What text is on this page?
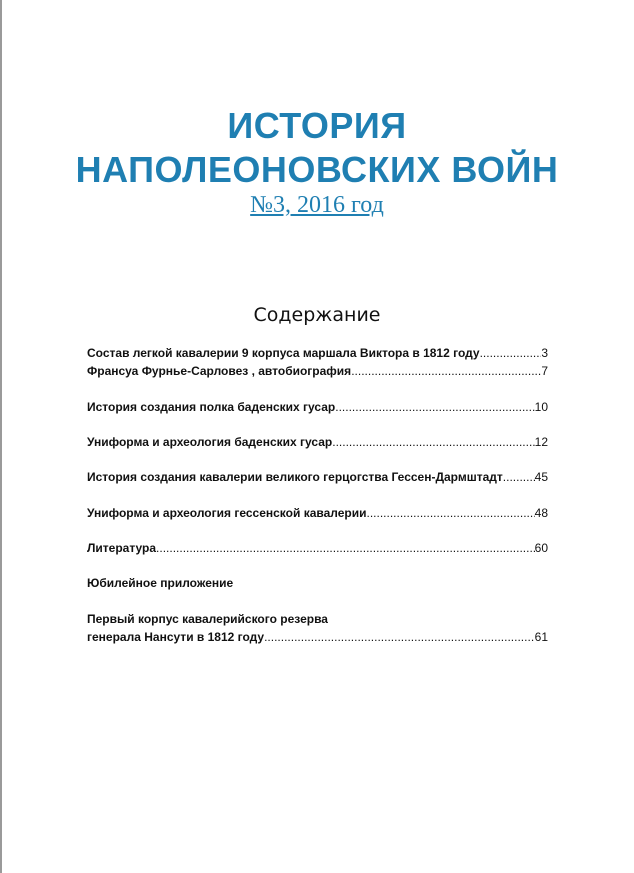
ИСТОРИЯ
НАПОЛЕОНОВСКИХ ВОЙН
№3, 2016 год
Содержание
Состав легкой кавалерии 9 корпуса маршала Виктора в 1812 году .....	3
Франсуа Фурнье-Сарловез , автобиография .....	7
История создания полка баденских гусар .....	10
Униформа и археология баденских гусар .....	12
История создания кавалерии великого герцогства Гессен-Дармштадт .....	45
Униформа и археология гессенской кавалерии .....	48
Литература .....	60
Юбилейное приложение
Первый корпус кавалерийского резерва
генерала Нансути в 1812 году .....	61
